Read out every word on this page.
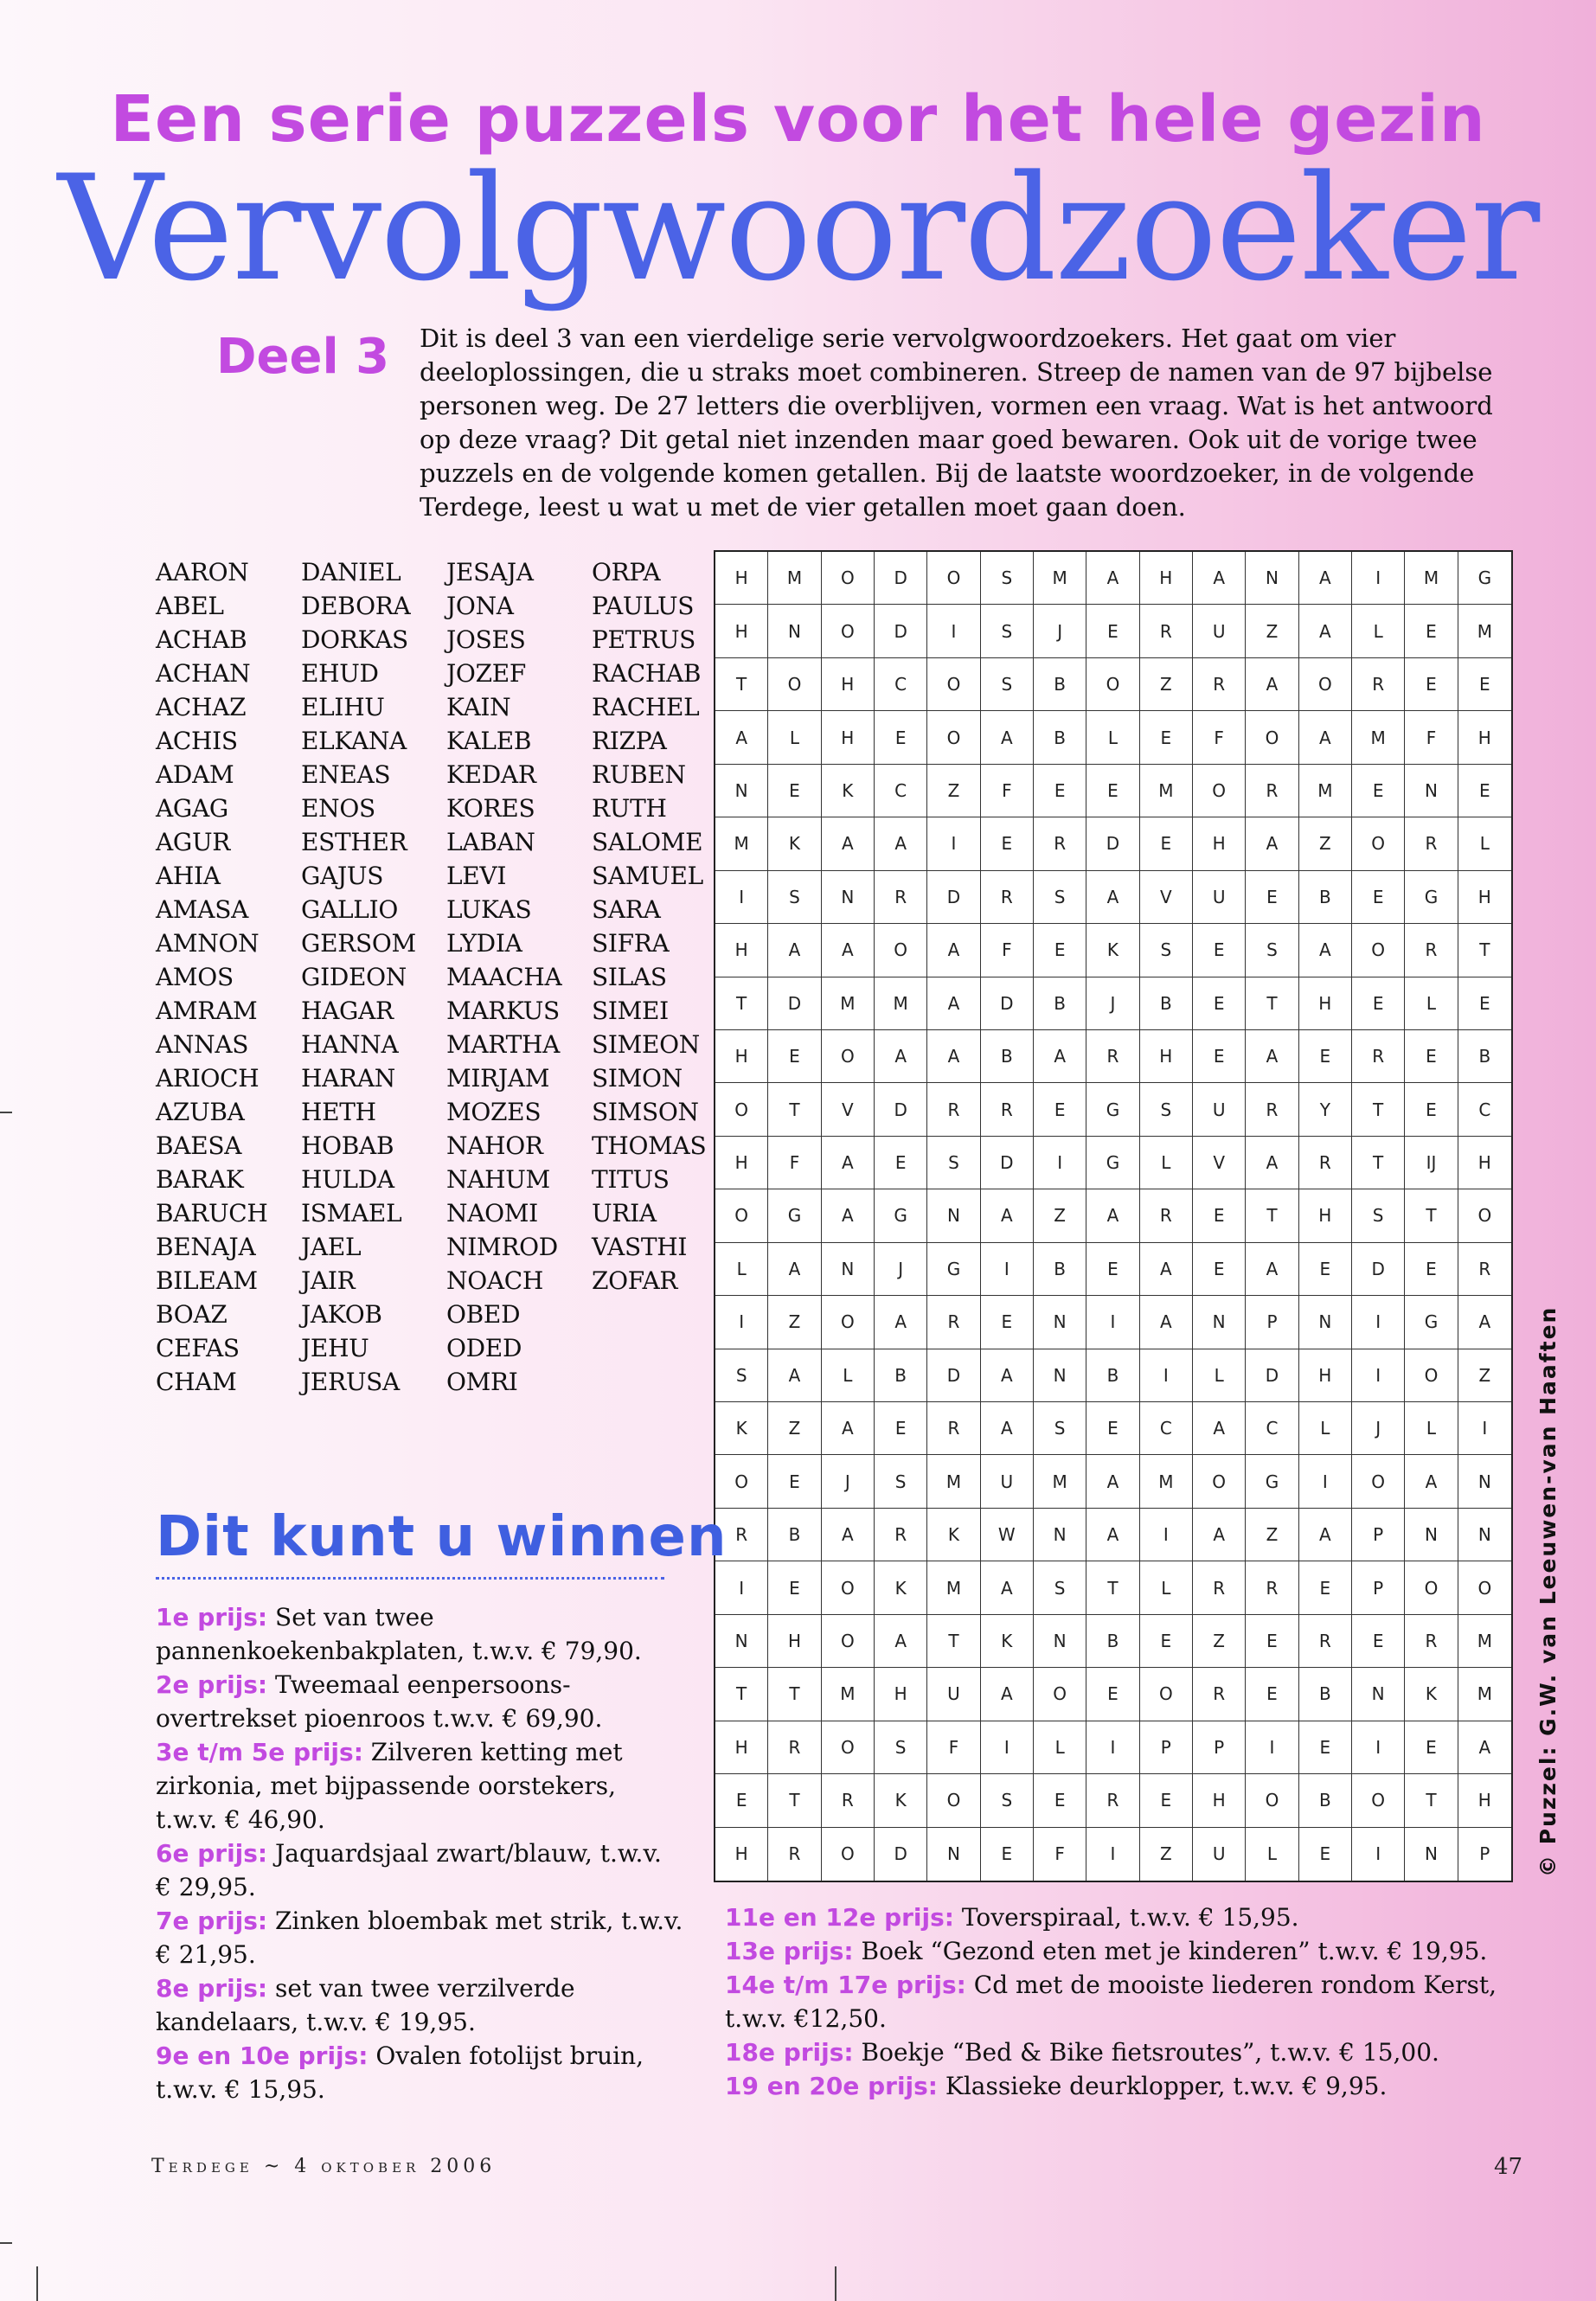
Een serie puzzels voor het hele gezin
Vervolgwoordzoeker
Deel 3 Dit is deel 3 van een vierdelige serie vervolgwoordzoekers. Het gaat om vier deeloplossingen, die u straks moet combineren. Streep de namen van de 97 bijbelse personen weg. De 27 letters die overblijven, vormen een vraag. Wat is het antwoord op deze vraag? Dit getal niet inzenden maar goed bewaren. Ook uit de vorige twee puzzels en de volgende komen getallen. Bij de laatste woordzoeker, in de volgende Terdege, leest u wat u met de vier getallen moet gaan doen.

AARON
ABEL
ACHAB
ACHAN
ACHAZ
ACHIS
ADAM
AGAG
AGUR
AHIA
AMASA
AMNON
AMOS
AMRAM
ANNAS
ARIOCH
AZUBA
BAESA
BARAK
BARUCH
BENAJA
BILEAM
BOAZ
CEFAS
CHAM
DANIEL
DEBORA
DORKAS
EHUD
ELIHU
ELKANA
ENEAS
ENOS
ESTHER
GAJUS
GALLIO
GERSOM
GIDEON
HAGAR
HANNA
HARAN
HETH
HOBAB
HULDA
ISMAEL
JAEL
JAIR
JAKOB
JEHU
JERUSA
JESAJA
JONA
JOSES
JOZEF
KAIN
KALEB
KEDAR
KORES
LABAN
LEVI
LUKAS
LYDIA
MAACHA
MARKUS
MARTHA
MIRJAM
MOZES
NAHOR
NAHUM
NAOMI
NIMROD
NOACH
OBED
ODED
OMRI
ORPA
PAULUS
PETRUS
RACHAB
RACHEL
RIZPA
RUBEN
RUTH
SALOME
SAMUEL
SARA
SIFRA
SILAS
SIMEI
SIMEON
SIMON
SIMSON
THOMAS
TITUS
URIA
VASTHI
ZOFAR
H	M	O	D	O	S	M	A	H	A	N	A	I	M	G
H	N	O	D	I	S	J	E	R	U	Z	A	L	E	M
T	O	H	C	O	S	B	O	Z	R	A	O	R	E	E
A	L	H	E	O	A	B	L	E	F	O	A	M	F	H
N	E	K	C	Z	F	E	E	M	O	R	M	E	N	E
M	K	A	A	I	E	R	D	E	H	A	Z	O	R	L
I	S	N	R	D	R	S	A	V	U	E	B	E	G	H
H	A	A	O	A	F	E	K	S	E	S	A	O	R	T
T	D	M	M	A	D	B	J	B	E	T	H	E	L	E
H	E	O	A	A	B	A	R	H	E	A	E	R	E	B
O	T	V	D	R	R	E	G	S	U	R	Y	T	E	C
H	F	A	E	S	D	I	G	L	V	A	R	T	IJ	H
O	G	A	G	N	A	Z	A	R	E	T	H	S	T	O
L	A	N	J	G	I	B	E	A	E	A	E	D	E	R
I	Z	O	A	R	E	N	I	A	N	P	N	I	G	A
S	A	L	B	D	A	N	B	I	L	D	H	I	O	Z
K	Z	A	E	R	A	S	E	C	A	C	L	J	L	I
O	E	J	S	M	U	M	A	M	O	G	I	O	A	N
R	B	A	R	K	W	N	A	I	A	Z	A	P	N	N
I	E	O	K	M	A	S	T	L	R	R	E	P	O	O
N	H	O	A	T	K	N	B	E	Z	E	R	E	R	M
T	T	M	H	U	A	O	E	O	R	E	B	N	K	M
H	R	O	S	F	I	L	I	P	P	I	E	I	E	A
E	T	R	K	O	S	E	R	E	H	O	B	O	T	H
H	R	O	D	N	E	F	I	Z	U	L	E	I	N	P	© Puzzel: G.W. van Leeuwen-van Haaften
Dit kunt u winnen
1e prijs: Set van twee pannenkoekenbakplaten, t.w.v. € 79,90.
2e prijs: Tweemaal eenpersoons-overtrekset pioenroos t.w.v. € 69,90.
3e t/m 5e prijs: Zilveren ketting met zirkonia, met bijpassende oorstekers, t.w.v. € 46,90.
6e prijs: Jaquardsjaal zwart/blauw, t.w.v. € 29,95.
7e prijs: Zinken bloembak met strik, t.w.v. € 21,95.
8e prijs: set van twee verzilverde kandelaars, t.w.v. € 19,95.
9e en 10e prijs: Ovalen fotolijst bruin, t.w.v. € 15,95.
11e en 12e prijs: Toverspiraal, t.w.v. € 15,95.
13e prijs: Boek “Gezond eten met je kinderen” t.w.v. € 19,95.
14e t/m 17e prijs: Cd met de mooiste liederen rondom Kerst, t.w.v. €12,50.
18e prijs: Boekje “Bed & Bike fietsroutes”, t.w.v. € 15,00.
19 en 20e prijs: Klassieke deurklopper, t.w.v. € 9,95.
Terdege ~ 4 oktober 2006	47
